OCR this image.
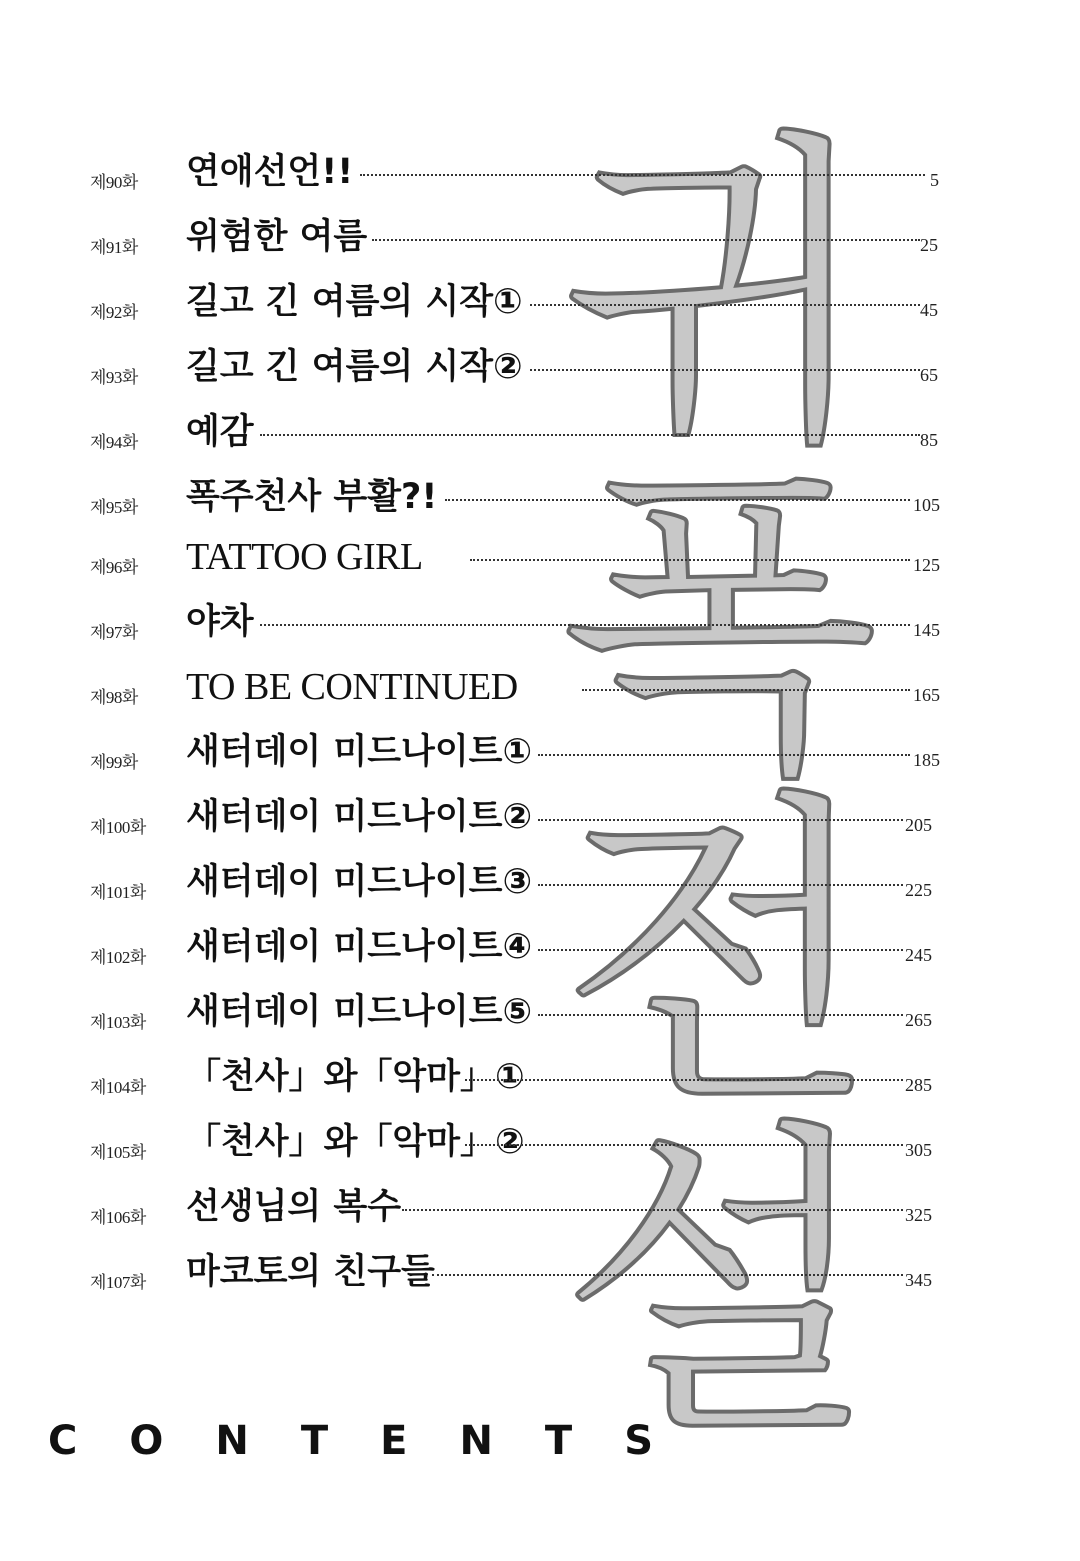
귀
폭
전
설
제90화 연애선언!!	5
제91화 위험한 여름	25
제92화 길고 긴 여름의 시작①	45
제93화 길고 긴 여름의 시작②	65
제94화 예감	85
제95화 폭주천사 부활?!	105
제96화 TATTOO GIRL	125
제97화 야차	145
제98화 TO BE CONTINUED	165
제99화 새터데이 미드나이트①	185
제100화 새터데이 미드나이트②	205
제101화 새터데이 미드나이트③	225
제102화 새터데이 미드나이트④	245
제103화 새터데이 미드나이트⑤	265
제104화 「천사」와「악마」①	285
제105화 「천사」와「악마」②	305
제106화 선생님의 복수	325
제107화 마코토의 친구들	345
CONTENTS
